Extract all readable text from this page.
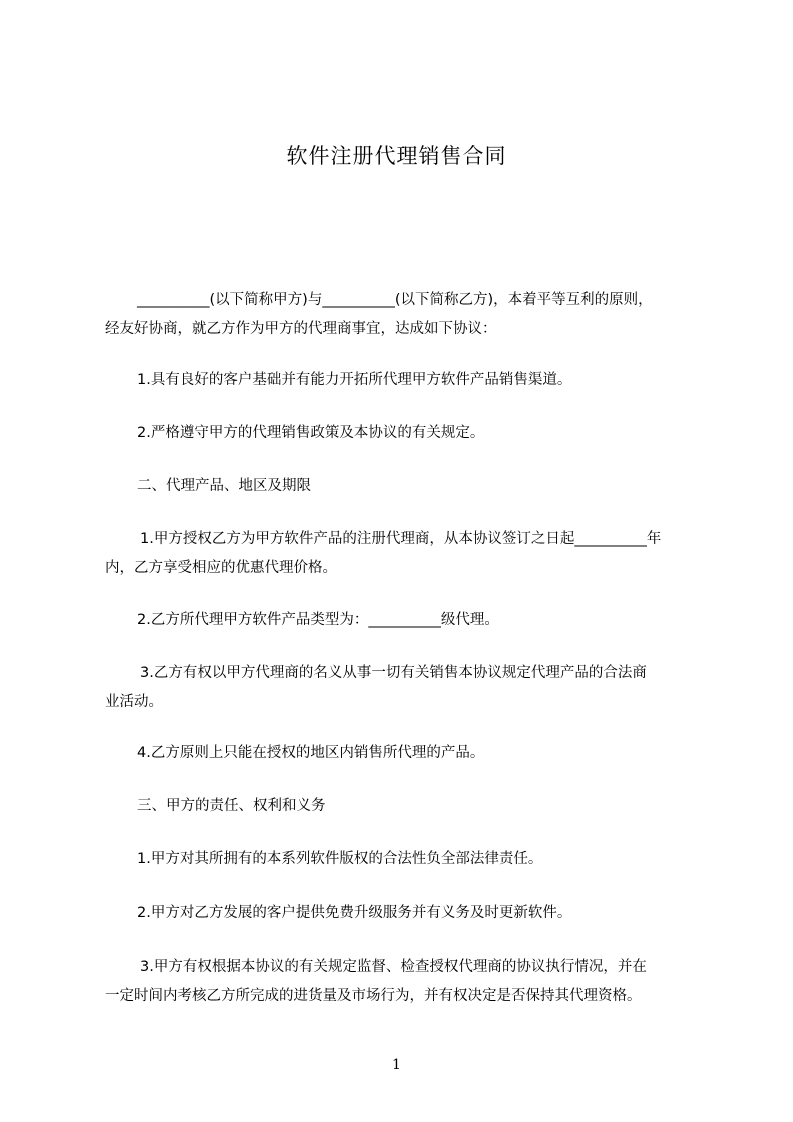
软件注册代理销售合同
__________(以下简称甲方)与__________(以下简称乙方)，本着平等互利的原则，
经友好协商，就乙方作为甲方的代理商事宜，达成如下协议：
1.具有良好的客户基础并有能力开拓所代理甲方软件产品销售渠道。
2.严格遵守甲方的代理销售政策及本协议的有关规定。
二、代理产品、地区及期限
1.甲方授权乙方为甲方软件产品的注册代理商，从本协议签订之日起__________年
内，乙方享受相应的优惠代理价格。
2.乙方所代理甲方软件产品类型为：__________级代理。
3.乙方有权以甲方代理商的名义从事一切有关销售本协议规定代理产品的合法商
业活动。
4.乙方原则上只能在授权的地区内销售所代理的产品。
三、甲方的责任、权利和义务
1.甲方对其所拥有的本系列软件版权的合法性负全部法律责任。
2.甲方对乙方发展的客户提供免费升级服务并有义务及时更新软件。
3.甲方有权根据本协议的有关规定监督、检查授权代理商的协议执行情况，并在
一定时间内考核乙方所完成的进货量及市场行为，并有权决定是否保持其代理资格。
1
